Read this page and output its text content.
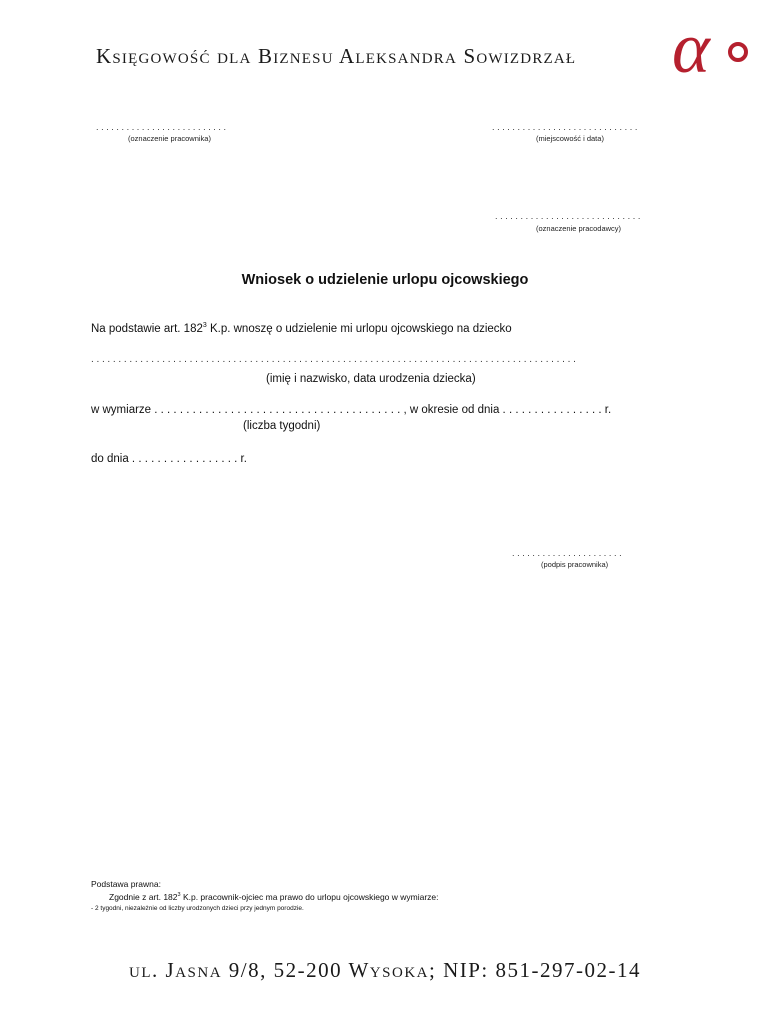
Księgowość dla Biznesu Aleksandra Sowizdrzał α
..........................
(oznaczenie pracownika)
.............................
(miejscowość i data)
.............................
(oznaczenie pracodawcy)
Wniosek o udzielenie urlopu ojcowskiego
Na podstawie art. $182^3$ K.p. wnoszę o udzielenie mi urlopu ojcowskiego na dziecko
.........................................................................................
(imię i nazwisko, data urodzenia dziecka)
w wymiarze . . . . . . . . . . . . . . . . . . . . . . . . . . . . . . . . . . . . . . . , w okresie od dnia . . . . . . . . . . . . . . . . r.
(liczba tygodni)
do dnia . . . . . . . . . . . . . . . . . r.
......................
(podpis pracownika)
Podstawa prawna:
Zgodnie z art. $182^3$ K.p. pracownik-ojciec ma prawo do urlopu ojcowskiego w wymiarze:
- 2 tygodni, niezależnie od liczby urodzonych dzieci przy jednym porodzie.
ul. Jasna 9/8, 52-200 Wysoka; NIP: 851-297-02-14
